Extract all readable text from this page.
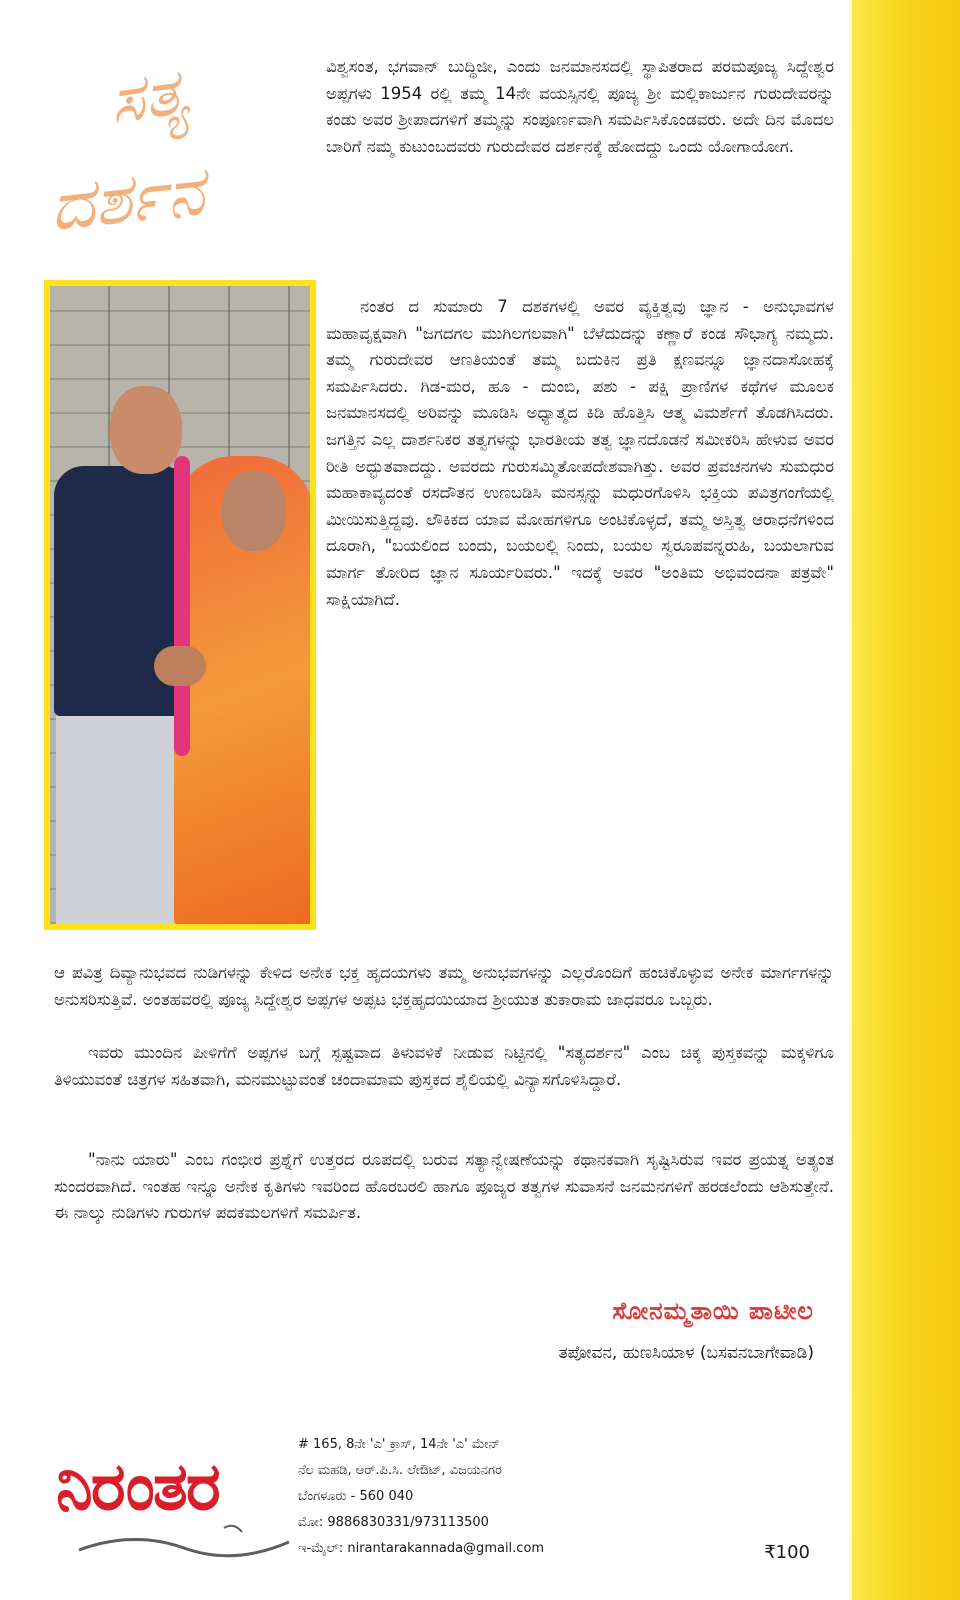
ಸತ್ಯ
ದರ್ಶನ

ವಿಶ್ವಸಂತ, ಭಗವಾನ್ ಬುದ್ಧಿಜೀ, ಎಂದು ಜನಮಾನಸದಲ್ಲಿ ಸ್ಥಾಪಿತರಾದ ಪರಮಪೂಜ್ಯ ಸಿದ್ದೇಶ್ವರ ಅಪ್ಪಗಳು 1954 ರಲ್ಲಿ ತಮ್ಮ 14ನೇ ವಯಸ್ಸಿನಲ್ಲಿ ಪೂಜ್ಯ ಶ್ರೀ ಮಲ್ಲಿಕಾರ್ಜುನ ಗುರುದೇವರನ್ನು ಕಂಡು ಅವರ ಶ್ರೀಪಾದಗಳಿಗೆ ತಮ್ಮನ್ನು ಸಂಪೂರ್ಣವಾಗಿ ಸಮರ್ಪಿಸಿಕೊಂಡವರು. ಅದೇ ದಿನ ಮೊದಲ ಬಾರಿಗೆ ನಮ್ಮ ಕುಟುಂಬದವರು ಗುರುದೇವರ ದರ್ಶನಕ್ಕೆ ಹೋದದ್ದು ಒಂದು ಯೋಗಾಯೋಗ.

ನಂತರ ದ ಸುಮಾರು 7 ದಶಕಗಳಲ್ಲಿ ಅವರ ವ್ಯಕ್ತಿತ್ವವು ಜ್ಞಾನ - ಅನುಭಾವಗಳ ಮಹಾವೃಕ್ಷವಾಗಿ "ಜಗದಗಲ ಮುಗಿಲಗಲವಾಗಿ" ಬೆಳೆದುದನ್ನು ಕಣ್ಣಾರೆ ಕಂಡ ಸೌಭಾಗ್ಯ ನಮ್ಮದು. ತಮ್ಮ ಗುರುದೇವರ ಆಣತಿಯಂತೆ ತಮ್ಮ ಬದುಕಿನ ಪ್ರತಿ ಕ್ಷಣವನ್ನೂ ಜ್ಞಾನದಾಸೋಹಕ್ಕೆ ಸಮರ್ಪಿಸಿದರು. ಗಿಡ-ಮರ, ಹೂ - ದುಂಬಿ, ಪಶು - ಪಕ್ಷಿ ಪ್ರಾಣಿಗಳ ಕಥೆಗಳ ಮೂಲಕ ಜನಮಾನಸದಲ್ಲಿ ಅರಿವನ್ನು ಮೂಡಿಸಿ ಅಧ್ಯಾತ್ಮದ ಕಿಡಿ ಹೊತ್ತಿಸಿ ಆತ್ಮ ವಿಮರ್ಶೆಗೆ ತೊಡಗಿಸಿದರು. ಜಗತ್ತಿನ ಎಲ್ಲ ದಾರ್ಶನಿಕರ ತತ್ವಗಳನ್ನು ಭಾರತೀಯ ತತ್ವ ಜ್ಞಾನದೊಡನೆ ಸಮೀಕರಿಸಿ ಹೇಳುವ ಅವರ ರೀತಿ ಅದ್ಭುತವಾದದ್ದು. ಅವರದು ಗುರುಸಮ್ಮಿತೋಪದೇಶವಾಗಿತ್ತು. ಅವರ ಪ್ರವಚನಗಳು ಸುಮಧುರ ಮಹಾಕಾವ್ಯದಂತೆ ರಸದೌತನ ಉಣಬಡಿಸಿ ಮನಸ್ಸನ್ನು ಮಧುರಗೊಳಿಸಿ ಭಕ್ತಿಯ ಪವಿತ್ರಗಂಗೆಯಲ್ಲಿ ಮೀಯಿಸುತ್ತಿದ್ದವು. ಲೌಕಿಕದ ಯಾವ ಮೋಹಗಳಿಗೂ ಅಂಟಿಕೊಳ್ಳದೆ, ತಮ್ಮ ಅಸ್ತಿತ್ವ ಆರಾಧನೆಗಳಿಂದ ದೂರಾಗಿ, "ಬಯಲಿಂದ ಬಂದು, ಬಯಲಲ್ಲಿ ನಿಂದು, ಬಯಲ ಸ್ವರೂಪವನ್ನರುಹಿ, ಬಯಲಾಗುವ ಮಾರ್ಗ ತೋರಿದ ಜ್ಞಾನ ಸೂರ್ಯರಿವರು." ಇದಕ್ಕೆ ಅವರ "ಅಂತಿಮ ಅಭಿವಂದನಾ ಪತ್ರವೇ" ಸಾಕ್ಷಿಯಾಗಿದೆ.

ಆ ಪವಿತ್ರ ದಿವ್ಯಾನುಭವದ ನುಡಿಗಳನ್ನು ಕೇಳಿದ ಅನೇಕ ಭಕ್ತ ಹೃದಯಗಳು ತಮ್ಮ ಅನುಭವಗಳನ್ನು ಎಲ್ಲರೊಂದಿಗೆ ಹಂಚಿಕೊಳ್ಳುವ ಅನೇಕ ಮಾರ್ಗಗಳನ್ನು ಅನುಸರಿಸುತ್ತಿವೆ. ಅಂತಹವರಲ್ಲಿ ಪೂಜ್ಯ ಸಿದ್ದೇಶ್ವರ ಅಪ್ಪಗಳ ಅಪ್ಪಟ ಭಕ್ತಹೃದಯಿಯಾದ ಶ್ರೀಯುತ ತುಕಾರಾಮ ಜಾಧವರೂ ಒಬ್ಬರು.

ಇವರು ಮುಂದಿನ ಪೀಳಿಗೆಗೆ ಅಪ್ಪಗಳ ಬಗ್ಗೆ ಸ್ಪಷ್ಟವಾದ ತಿಳುವಳಿಕೆ ನೀಡುವ ನಿಟ್ಟಿನಲ್ಲಿ "ಸತ್ಯದರ್ಶನ" ಎಂಬ ಚಿಕ್ಕ ಪುಸ್ತಕವನ್ನು ಮಕ್ಕಳಿಗೂ ತಿಳಿಯುವಂತೆ ಚಿತ್ರಗಳ ಸಹಿತವಾಗಿ, ಮನಮುಟ್ಟುವಂತೆ ಚಂದಾಮಾಮ ಪುಸ್ತಕದ ಶೈಲಿಯಲ್ಲಿ ವಿನ್ಯಾಸಗೊಳಿಸಿದ್ದಾರೆ.

"ನಾನು ಯಾರು" ಎಂಬ ಗಂಭೀರ ಪ್ರಶ್ನೆಗೆ ಉತ್ತರದ ರೂಪದಲ್ಲಿ ಬರುವ ಸತ್ಯಾನ್ವೇಷಣೆಯನ್ನು ಕಥಾನಕವಾಗಿ ಸೃಷ್ಟಿಸಿರುವ ಇವರ ಪ್ರಯತ್ನ ಅತ್ಯಂತ ಸುಂದರವಾಗಿದೆ. ಇಂತಹ ಇನ್ನೂ ಅನೇಕ ಕೃತಿಗಳು ಇವರಿಂದ ಹೊರಬರಲಿ ಹಾಗೂ ಪೂಜ್ಯರ ತತ್ವಗಳ ಸುವಾಸನೆ ಜನಮನಗಳಿಗೆ ಹರಡಲೆಂದು ಆಶಿಸುತ್ತೇನೆ. ಈ ನಾಲ್ಕು ನುಡಿಗಳು ಗುರುಗಳ ಪದಕಮಲಗಳಿಗೆ ಸಮರ್ಪಿತ.

ಸೋನಮ್ಮತಾಯಿ ಪಾಟೀಲ
ತಪೋವನ, ಹುಣಸಿಯಾಳ (ಬಸವನಬಾಗೇವಾಡಿ)
ನಿರಂತರ
# 165, 8ನೇ 'ಎ' ಕ್ರಾಸ್, 14ನೇ 'ಎ' ಮೇನ್
ನೆಲ ಮಹಡಿ, ಆರ್.ಪಿ.ಸಿ. ಲೇಔಟ್, ವಿಜಯನಗರ
ಬೆಂಗಳೂರು - 560 040
ಮೋ: 9886830331/973113500
ಇ-ಮೈಲ್: nirantarakannada@gmail.com	₹100
